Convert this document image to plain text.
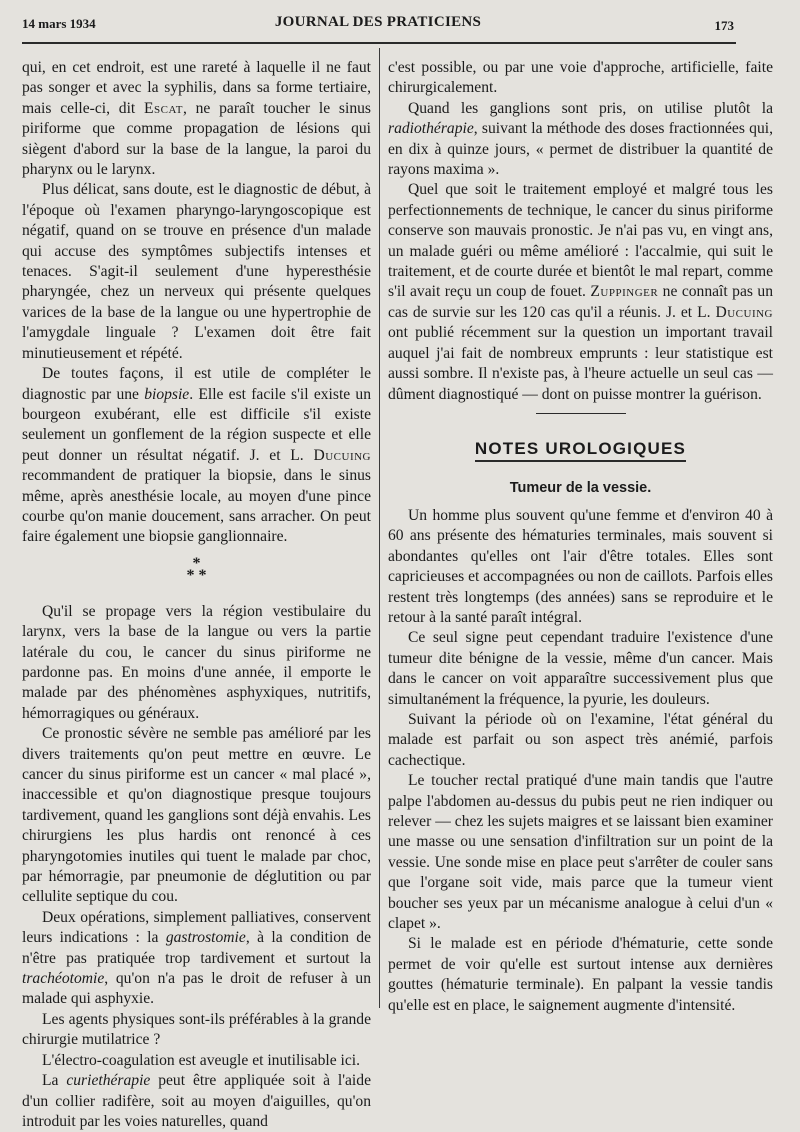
14 mars 1934	JOURNAL DES PRATICIENS	173

qui, en cet endroit, est une rareté à laquelle il ne faut pas songer et avec la syphilis, dans sa forme tertiaire, mais celle-ci, dit Escat, ne paraît toucher le sinus piriforme que comme propagation de lésions qui siègent d'abord sur la base de la langue, la paroi du pharynx ou le larynx.

Plus délicat, sans doute, est le diagnostic de début, à l'époque où l'examen pharyngo-laryngoscopique est négatif, quand on se trouve en présence d'un malade qui accuse des symptômes subjectifs intenses et tenaces. S'agit-il seulement d'une hyperesthésie pharyngée, chez un nerveux qui présente quelques varices de la base de la langue ou une hypertrophie de l'amygdale linguale ? L'examen doit être fait minutieusement et répété.

De toutes façons, il est utile de compléter le diagnostic par une biopsie. Elle est facile s'il existe un bourgeon exubérant, elle est difficile s'il existe seulement un gonflement de la région suspecte et elle peut donner un résultat négatif. J. et L. Ducuing recommandent de pratiquer la biopsie, dans le sinus même, après anesthésie locale, au moyen d'une pince courbe qu'on manie doucement, sans arracher. On peut faire également une biopsie ganglionnaire.

*
* *

Qu'il se propage vers la région vestibulaire du larynx, vers la base de la langue ou vers la partie latérale du cou, le cancer du sinus piriforme ne pardonne pas. En moins d'une année, il emporte le malade par des phénomènes asphyxiques, nutritifs, hémorragiques ou généraux.

Ce pronostic sévère ne semble pas amélioré par les divers traitements qu'on peut mettre en œuvre. Le cancer du sinus piriforme est un cancer « mal placé », inaccessible et qu'on diagnostique presque toujours tardivement, quand les ganglions sont déjà envahis. Les chirurgiens les plus hardis ont renoncé à ces pharyngotomies inutiles qui tuent le malade par choc, par hémorragie, par pneumonie de déglutition ou par cellulite septique du cou.

Deux opérations, simplement palliatives, conservent leurs indications : la gastrostomie, à la condition de n'être pas pratiquée trop tardivement et surtout la trachéotomie, qu'on n'a pas le droit de refuser à un malade qui asphyxie.

Les agents physiques sont-ils préférables à la grande chirurgie mutilatrice ?

L'électro-coagulation est aveugle et inutilisable ici.

La curiethérapie peut être appliquée soit à l'aide d'un collier radifère, soit au moyen d'aiguilles, qu'on introduit par les voies naturelles, quand

c'est possible, ou par une voie d'approche, artificielle, faite chirurgicalement.

Quand les ganglions sont pris, on utilise plutôt la radiothérapie, suivant la méthode des doses fractionnées qui, en dix à quinze jours, « permet de distribuer la quantité de rayons maxima ».

Quel que soit le traitement employé et malgré tous les perfectionnements de technique, le cancer du sinus piriforme conserve son mauvais pronostic. Je n'ai pas vu, en vingt ans, un malade guéri ou même amélioré : l'accalmie, qui suit le traitement, et de courte durée et bientôt le mal repart, comme s'il avait reçu un coup de fouet. Zuppinger ne connaît pas un cas de survie sur les 120 cas qu'il a réunis. J. et L. Ducuing ont publié récemment sur la question un important travail auquel j'ai fait de nombreux emprunts : leur statistique est aussi sombre. Il n'existe pas, à l'heure actuelle un seul cas — dûment diagnostiqué — dont on puisse montrer la guérison.

NOTES UROLOGIQUES
Tumeur de la vessie.

Un homme plus souvent qu'une femme et d'environ 40 à 60 ans présente des hématuries terminales, mais souvent si abondantes qu'elles ont l'air d'être totales. Elles sont capricieuses et accompagnées ou non de caillots. Parfois elles restent très longtemps (des années) sans se reproduire et le retour à la santé paraît intégral.

Ce seul signe peut cependant traduire l'existence d'une tumeur dite bénigne de la vessie, même d'un cancer. Mais dans le cancer on voit apparaître successivement plus que simultanément la fréquence, la pyurie, les douleurs.

Suivant la période où on l'examine, l'état général du malade est parfait ou son aspect très anémié, parfois cachectique.

Le toucher rectal pratiqué d'une main tandis que l'autre palpe l'abdomen au-dessus du pubis peut ne rien indiquer ou relever — chez les sujets maigres et se laissant bien examiner une masse ou une sensation d'infiltration sur un point de la vessie. Une sonde mise en place peut s'arrêter de couler sans que l'organe soit vide, mais parce que la tumeur vient boucher ses yeux par un mécanisme analogue à celui d'un « clapet ».

Si le malade est en période d'hématurie, cette sonde permet de voir qu'elle est surtout intense aux dernières gouttes (hématurie terminale). En palpant la vessie tandis qu'elle est en place, le saignement augmente d'intensité.
